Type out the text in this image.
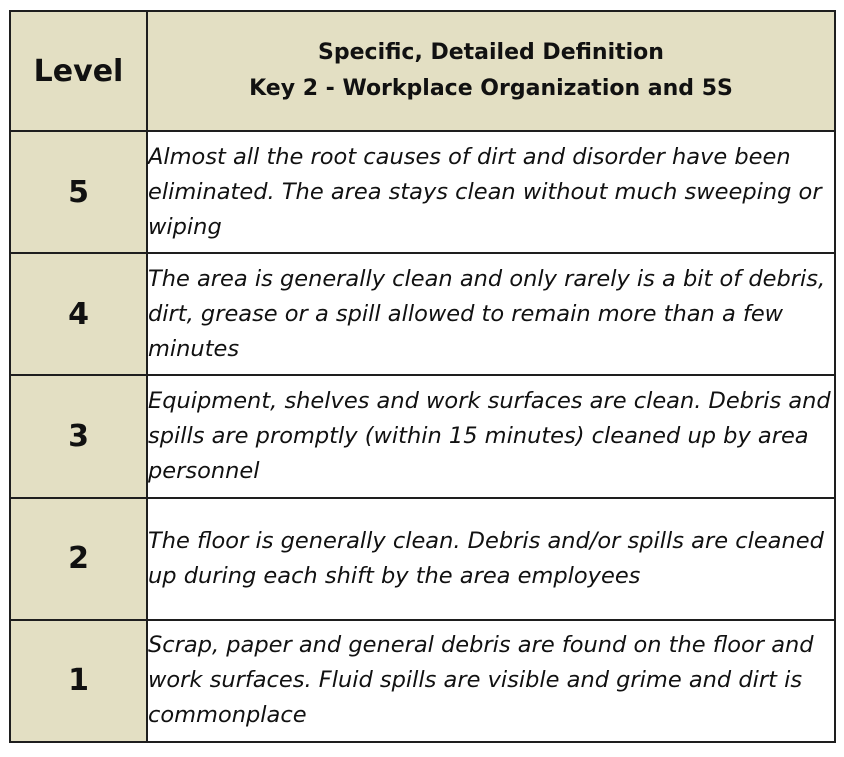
Level	Specific, Detailed Definition
Key 2 - Workplace Organization and 5S

5	Almost all the root causes of dirt and disorder have been eliminated. The area stays clean without much sweeping or wiping
4	The area is generally clean and only rarely is a bit of debris, dirt, grease or a spill allowed to remain more than a few minutes
3	Equipment, shelves and work surfaces are clean. Debris and spills are promptly (within 15 minutes) cleaned up by area personnel
2	The floor is generally clean. Debris and/or spills are cleaned up during each shift by the area employees
1	Scrap, paper and general debris are found on the floor and work surfaces. Fluid spills are visible and grime and dirt is commonplace
